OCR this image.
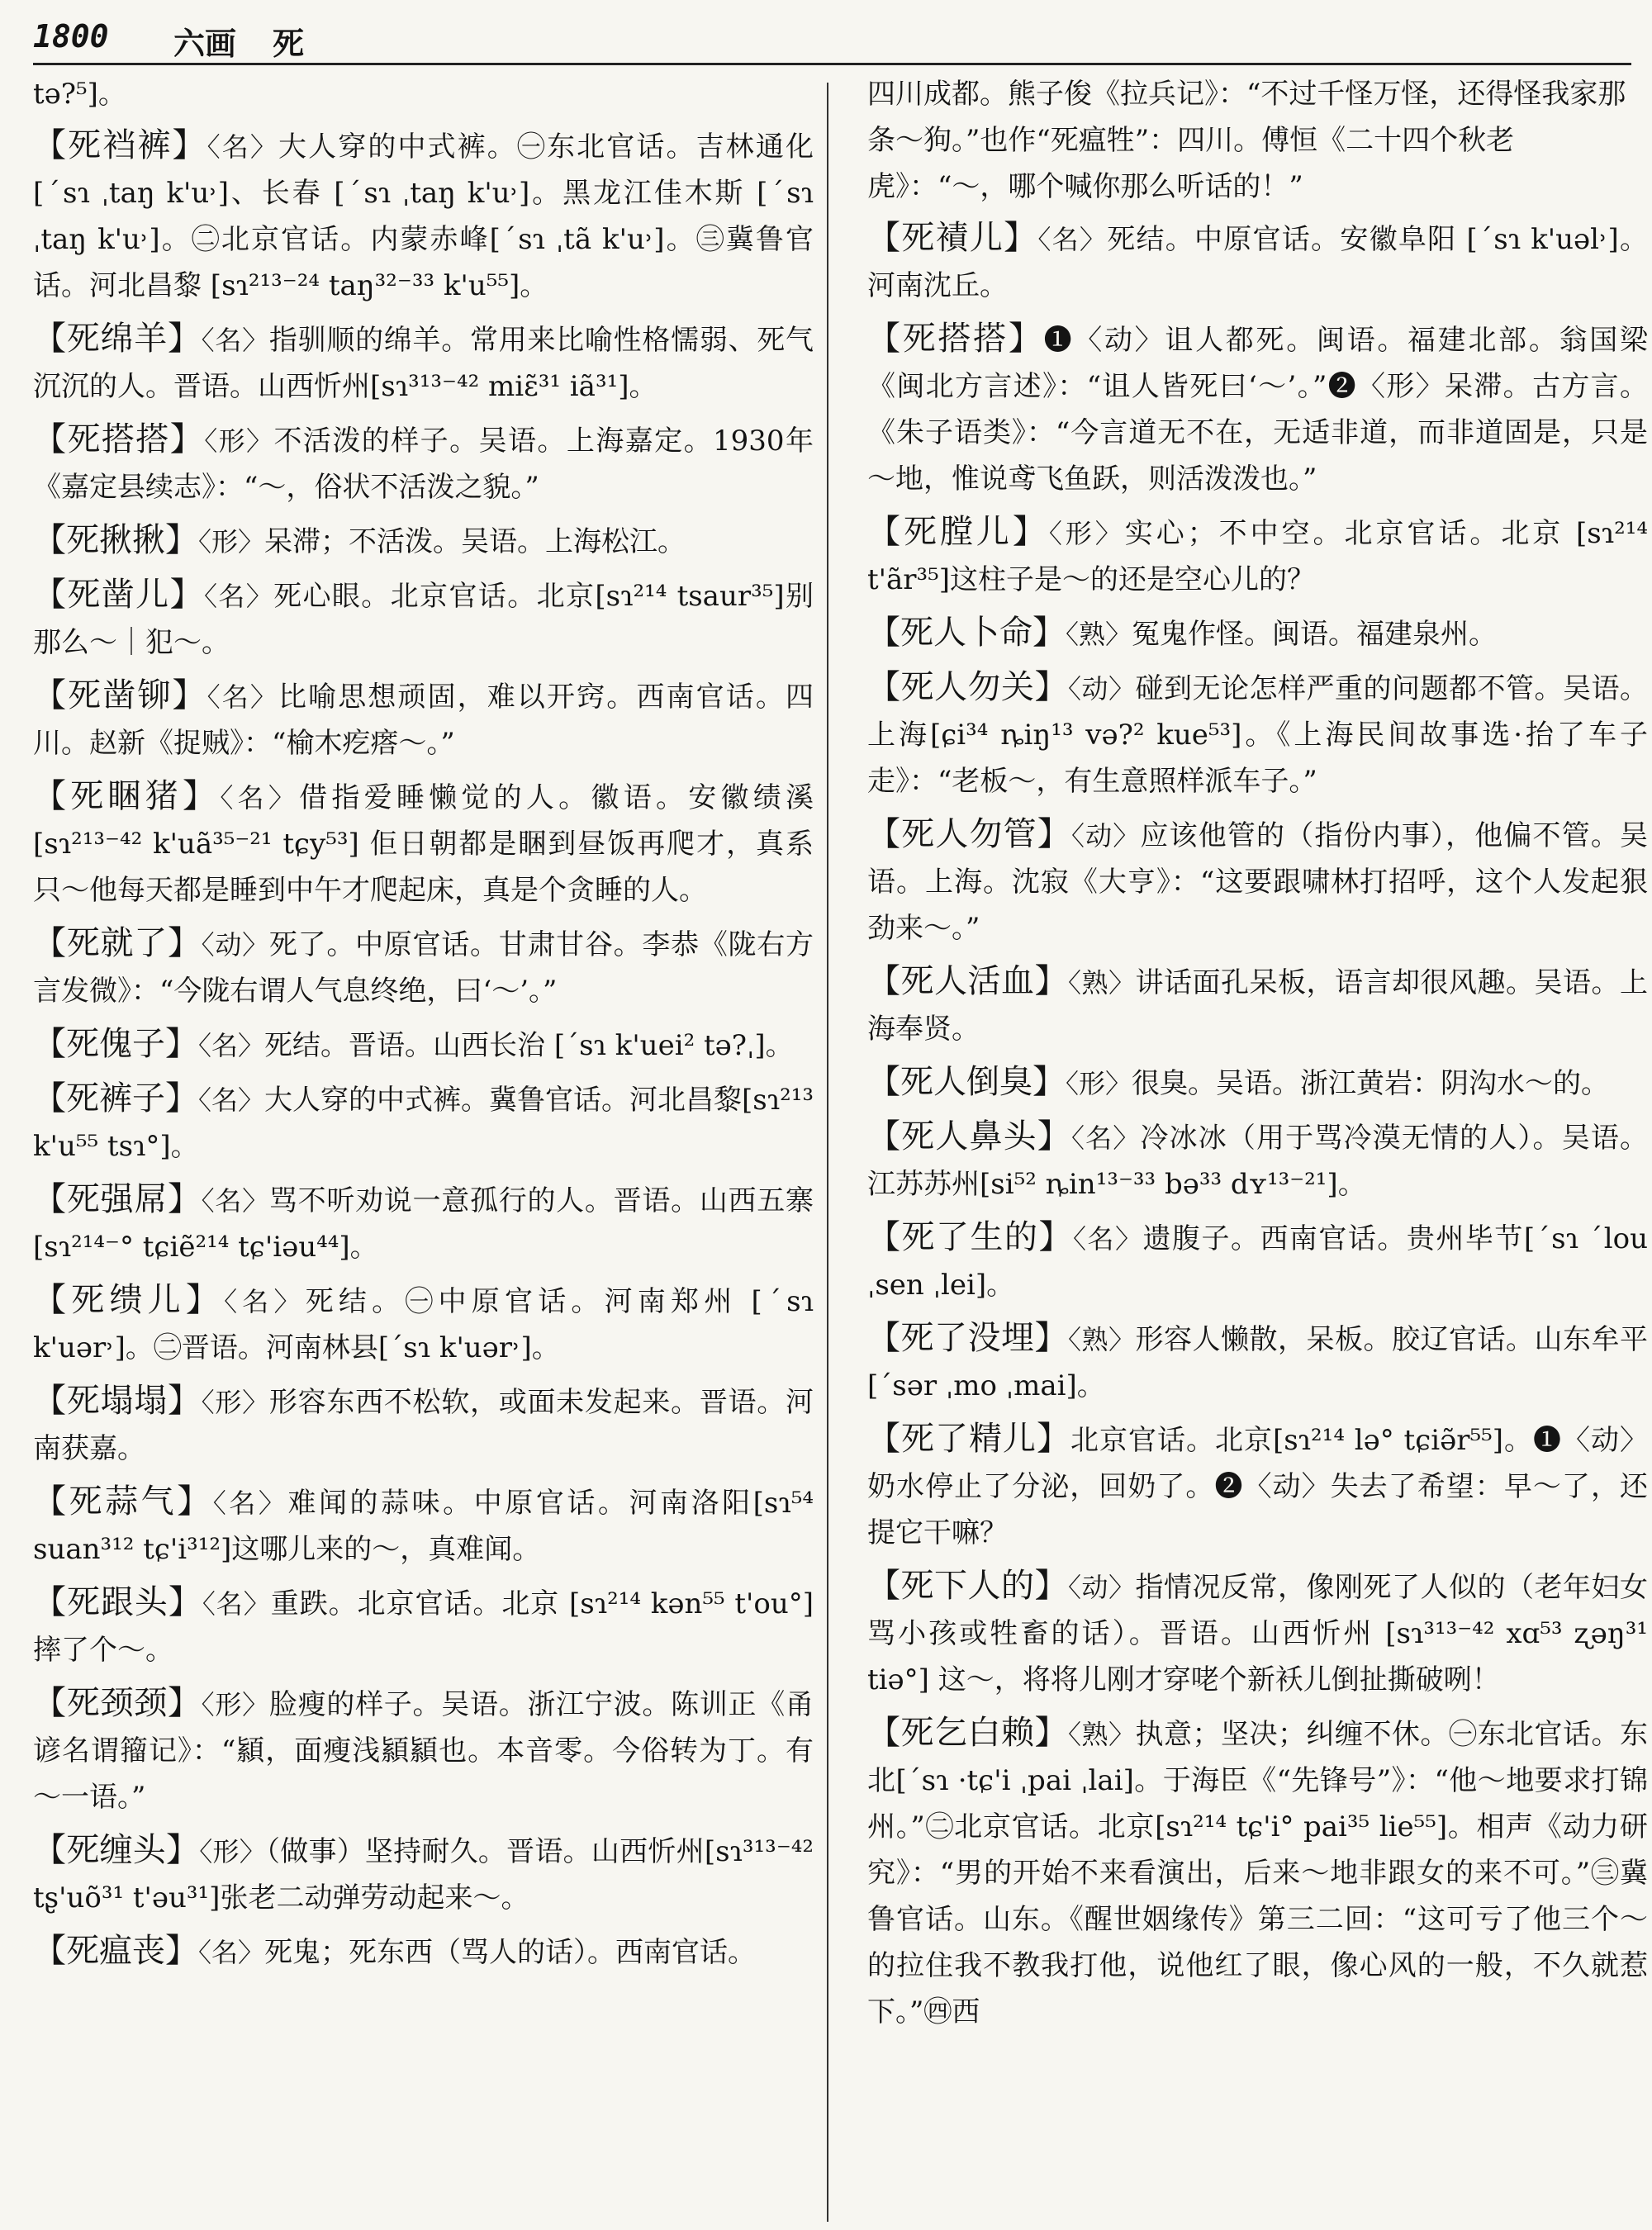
1800 六画 死

tə?⁵]。

【死裆裤】〈名〉大人穿的中式裤。㊀东北官话。吉林通化[ˊsɿ ˌtaŋ k'u˒]、长春 [ˊsɿ ˌtaŋ k'u˒]。黑龙江佳木斯 [ˊsɿ ˌtaŋ k'u˒]。㊁北京官话。内蒙赤峰[ˊsɿ ˌtã k'u˒]。㊂冀鲁官话。河北昌黎 [sɿ²¹³⁻²⁴ taŋ³²⁻³³ k'u⁵⁵]。

【死绵羊】〈名〉指驯顺的绵羊。常用来比喻性格懦弱、死气沉沉的人。晋语。山西忻州[sɿ³¹³⁻⁴² miɛ̃³¹ iã³¹]。

【死搭搭】〈形〉不活泼的样子。吴语。上海嘉定。1930年《嘉定县续志》：“～，俗状不活泼之貌。”

【死揪揪】〈形〉呆滞；不活泼。吴语。上海松江。

【死凿儿】〈名〉死心眼。北京官话。北京[sɿ²¹⁴ tsaur³⁵]别那么～｜犯～。

【死凿铆】〈名〉比喻思想顽固，难以开窍。西南官话。四川。赵新《捉贼》：“榆木疙瘩～。”

【死睏猪】〈名〉借指爱睡懒觉的人。徽语。安徽绩溪[sɿ²¹³⁻⁴² k'uã³⁵⁻²¹ tɕy⁵³] 佢日朝都是睏到昼饭再爬才，真系只～他每天都是睡到中午才爬起床，真是个贪睡的人。

【死就了】〈动〉死了。中原官话。甘肃甘谷。李恭《陇右方言发微》：“今陇右谓人气息终绝，曰‘～’。”

【死傀子】〈名〉死结。晋语。山西长治 [ˊsɿ k'uei² tə?ˌ]。

【死裤子】〈名〉大人穿的中式裤。冀鲁官话。河北昌黎[sɿ²¹³ k'u⁵⁵ tsɿ°]。

【死强屌】〈名〉骂不听劝说一意孤行的人。晋语。山西五寨[sɿ²¹⁴⁻° tɕiẽ²¹⁴ tɕ'iəu⁴⁴]。

【死缋儿】〈名〉死结。㊀中原官话。河南郑州 [ˊsɿ k'uər˒]。㊁晋语。河南林县[ˊsɿ k'uər˒]。

【死塌塌】〈形〉形容东西不松软，或面未发起来。晋语。河南获嘉。

【死蒜气】〈名〉难闻的蒜味。中原官话。河南洛阳[sɿ⁵⁴ suan³¹² tɕ'i³¹²]这哪儿来的～，真难闻。

【死跟头】〈名〉重跌。北京官话。北京 [sɿ²¹⁴ kən⁵⁵ t'ou°]摔了个～。

【死颈颈】〈形〉脸瘦的样子。吴语。浙江宁波。陈训正《甬谚名谓籀记》：“顈，面瘦浅顈顈也。本音零。今俗转为丁。有～一语。”

【死缠头】〈形〉（做事）坚持耐久。晋语。山西忻州[sɿ³¹³⁻⁴² tʂ'uõ³¹ t'əu³¹]张老二动弹劳动起来～。

【死瘟丧】〈名〉死鬼；死东西（骂人的话）。西南官话。

四川成都。熊子俊《拉兵记》：“不过千怪万怪，还得怪我家那条～狗。”也作“死瘟牲”：四川。傅恒《二十四个秋老虎》：“～，哪个喊你那么听话的！”

【死襀儿】〈名〉死结。中原官话。安徽阜阳 [ˊsɿ k'uəl˒]。河南沈丘。

【死搭搭】❶〈动〉诅人都死。闽语。福建北部。翁国梁《闽北方言述》：“诅人皆死曰‘～’。”❷〈形〉呆滞。古方言。《朱子语类》：“今言道无不在，无适非道，而非道固是，只是～地，惟说鸢飞鱼跃，则活泼泼也。”

【死膛儿】〈形〉实心；不中空。北京官话。北京 [sɿ²¹⁴ t'ãr³⁵]这柱子是～的还是空心儿的？

【死人卜命】〈熟〉冤鬼作怪。闽语。福建泉州。

【死人勿关】〈动〉碰到无论怎样严重的问题都不管。吴语。上海[ɕi³⁴ ȵiŋ¹³ və?² kue⁵³]。《上海民间故事选·抬了车子走》：“老板～，有生意照样派车子。”

【死人勿管】〈动〉应该他管的（指份内事），他偏不管。吴语。上海。沈寂《大亨》：“这要跟啸林打招呼，这个人发起狠劲来～。”

【死人活血】〈熟〉讲话面孔呆板，语言却很风趣。吴语。上海奉贤。

【死人倒臭】〈形〉很臭。吴语。浙江黄岩：阴沟水～的。

【死人鼻头】〈名〉冷冰冰（用于骂冷漠无情的人）。吴语。江苏苏州[si⁵² ȵin¹³⁻³³ bə³³ dʏ¹³⁻²¹]。

【死了生的】〈名〉遗腹子。西南官话。贵州毕节[ˊsɿ ˊlou ˌsen ˌlei]。

【死了没埋】〈熟〉形容人懒散，呆板。胶辽官话。山东牟平[ˊsər ˌmo ˌmai]。

【死了精儿】北京官话。北京[sɿ²¹⁴ lə° tɕiə̃r⁵⁵]。❶〈动〉奶水停止了分泌，回奶了。❷〈动〉失去了希望：早～了，还提它干嘛？

【死下人的】〈动〉指情况反常，像刚死了人似的（老年妇女骂小孩或牲畜的话）。晋语。山西忻州 [sɿ³¹³⁻⁴² xɑ⁵³ ʐəŋ³¹ tiə°] 这～，将将儿刚才穿咾个新袄儿倒扯撕破咧！

【死乞白赖】〈熟〉执意；坚决；纠缠不休。㊀东北官话。东北[ˊsɿ ·tɕ'i ˌpai ˌlai]。于海臣《“先锋号”》：“他～地要求打锦州。”㊁北京官话。北京[sɿ²¹⁴ tɕ'i° pai³⁵ lie⁵⁵]。相声《动力研究》：“男的开始不来看演出，后来～地非跟女的来不可。”㊂冀鲁官话。山东。《醒世姻缘传》第三二回：“这可亏了他三个～的拉住我不教我打他，说他红了眼，像心风的一般，不久就惹下。”㊃西
